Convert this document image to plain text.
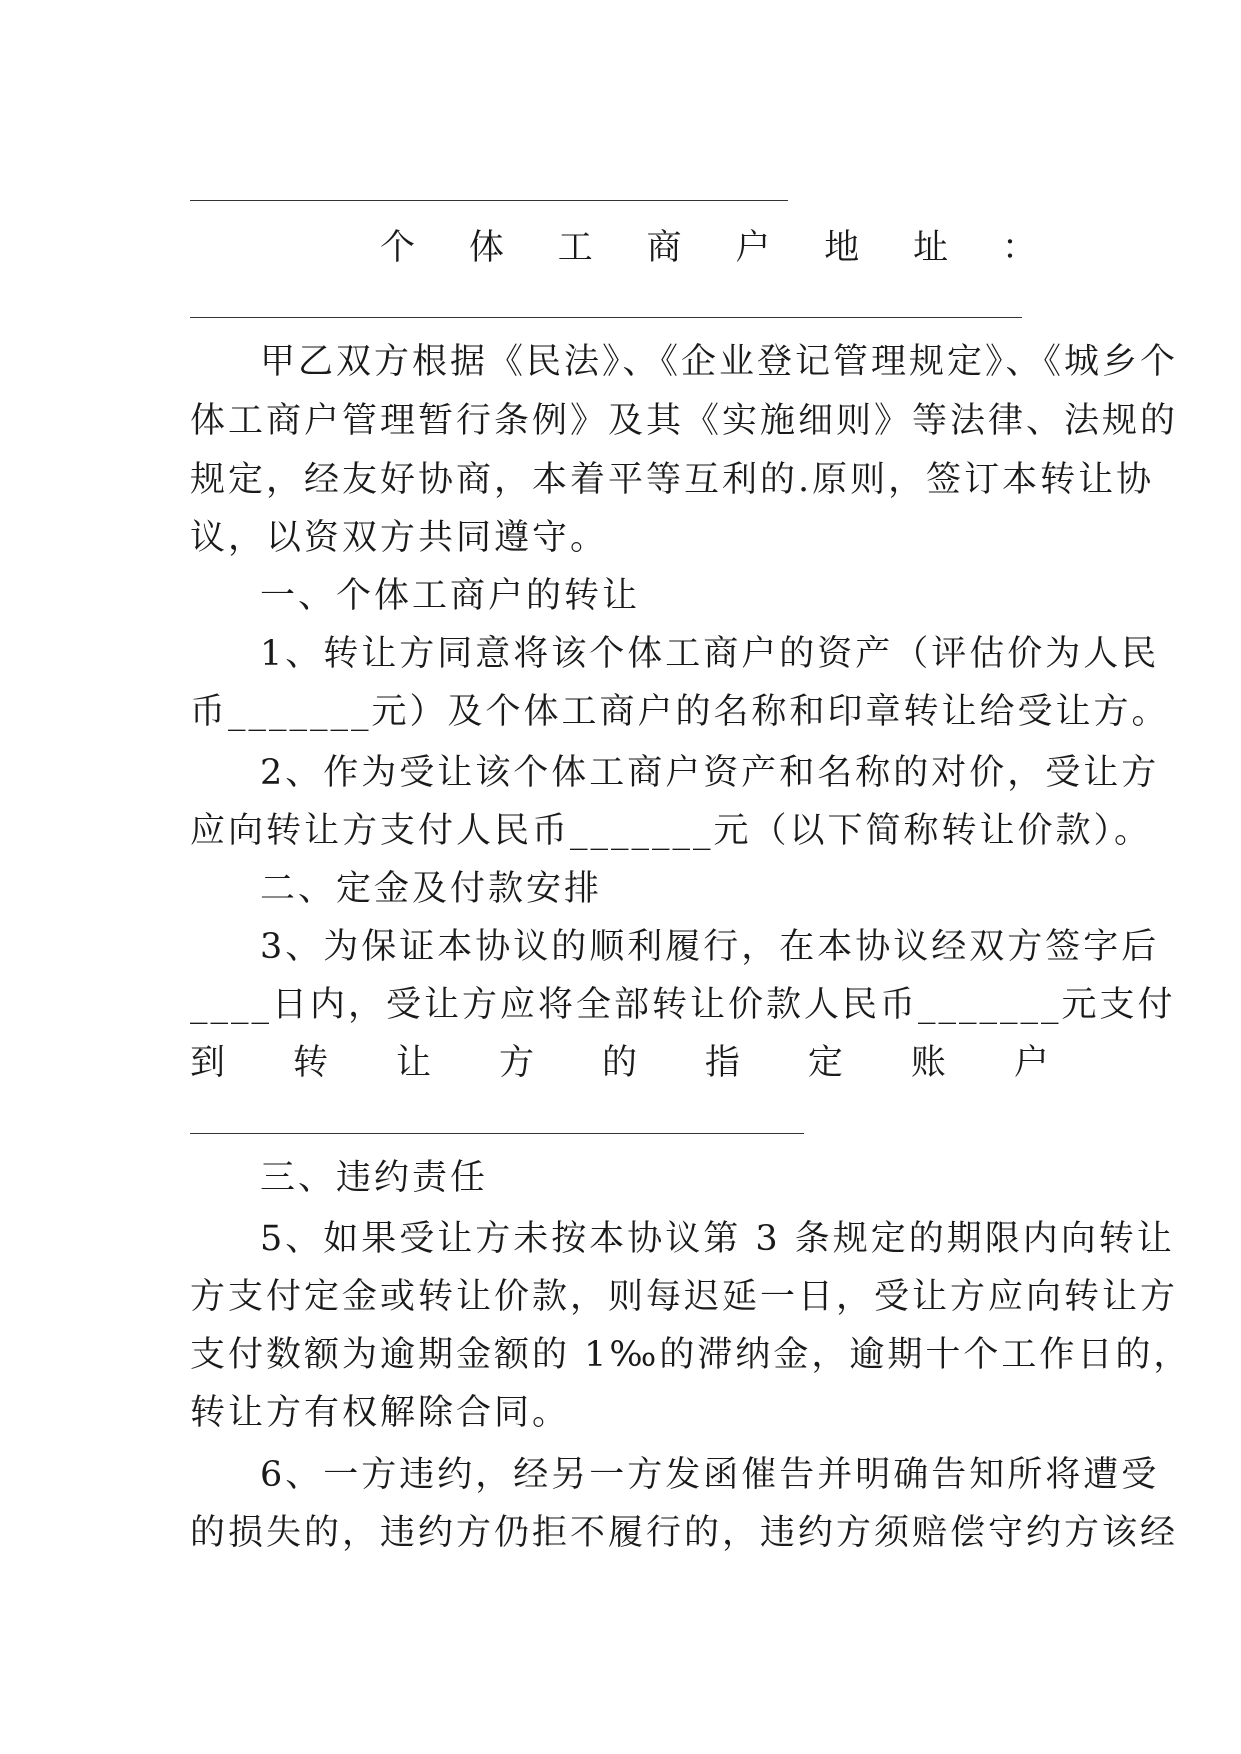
个 体 工 商 户 地 址 ：
甲乙双方根据《民法》、《企业登记管理规定》、《城乡个
体工商户管理暂行条例》及其《实施细则》等法律、法规的
规定，经友好协商，本着平等互利的.原则，签订本转让协
议，以资双方共同遵守。
一、个体工商户的转让
1、转让方同意将该个体工商户的资产（评估价为人民
币_______元）及个体工商户的名称和印章转让给受让方。
2、作为受让该个体工商户资产和名称的对价，受让方
应向转让方支付人民币_______元（以下简称转让价款）。
二、定金及付款安排
3、为保证本协议的顺利履行，在本协议经双方签字后
____日内，受让方应将全部转让价款人民币_______元支付
到 转 让 方 的 指 定 账 户
三、违约责任
5、如果受让方未按本协议第 3 条规定的期限内向转让
方支付定金或转让价款，则每迟延一日，受让方应向转让方
支付数额为逾期金额的 1‰的滞纳金，逾期十个工作日的，
转让方有权解除合同。
6、一方违约，经另一方发函催告并明确告知所将遭受
的损失的，违约方仍拒不履行的，违约方须赔偿守约方该经
